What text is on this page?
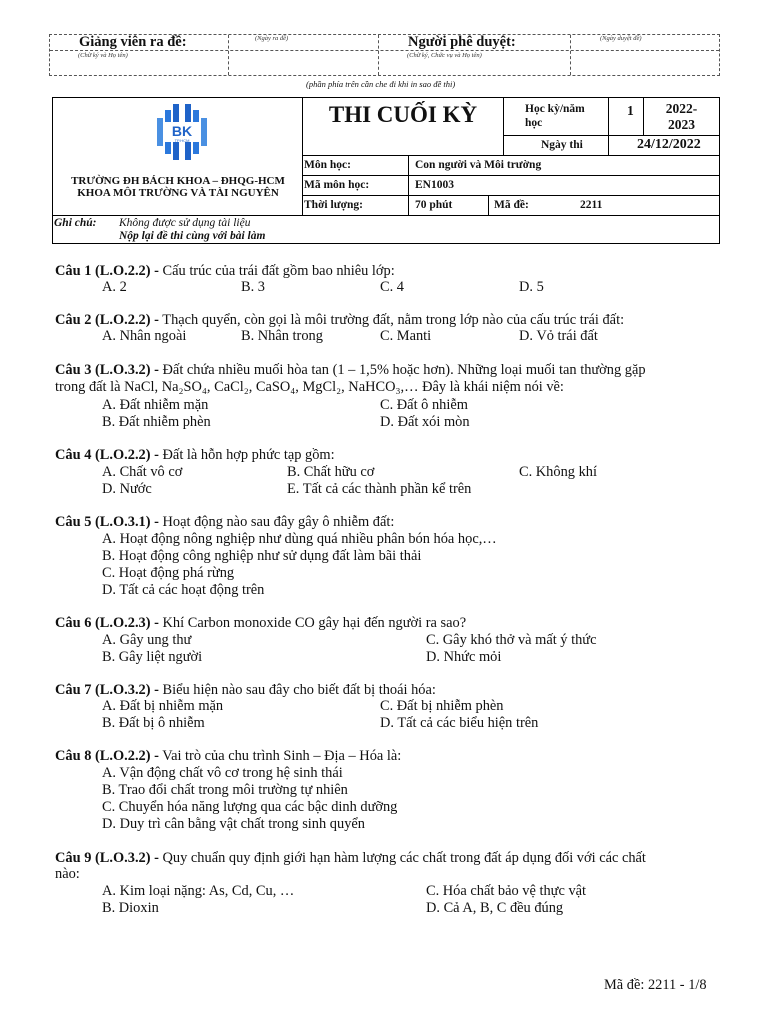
Giảng viên ra đề:	(Ngày ra đề)
(Chữ ký và Họ tên)
Người phê duyệt:	(Ngày duyệt đề)
(Chữ ký, Chức vụ và Họ tên)
(phần phía trên cần che đi khi in sao đề thi)
BK
TP.HCM
TRƯỜNG ĐH BÁCH KHOA – ĐHQG-HCM
KHOA MÔI TRƯỜNG VÀ TÀI NGUYÊN
THI CUỐI KỲ	Học kỳ/năm
học
1	2022-
2023
Ngày thi	24/12/2022
Môn học:	Con người và Môi trường
Mã môn học:	EN1003
Thời lượng:	70 phút	Mã đề:	2211
Ghi chú: Không được sử dụng tài liệu
Nộp lại đề thi cùng với bài làm
Câu 1 (L.O.2.2) - Cấu trúc của trái đất gồm bao nhiêu lớp:
A. 2	B. 3	C. 4	D. 5
Câu 2 (L.O.2.2) - Thạch quyển, còn gọi là môi trường đất, nằm trong lớp nào của cấu trúc trái đất:
A. Nhân ngoài	B. Nhân trong	C. Manti	D. Vỏ trái đất
Câu 3 (L.O.3.2) - Đất chứa nhiều muối hòa tan (1 – 1,5% hoặc hơn). Những loại muối tan thường gặp
trong đất là NaCl, Na₂SO₄, CaCl₂, CaSO₄, MgCl₂, NaHCO₃,… Đây là khái niệm nói về:
A. Đất nhiễm mặn	C. Đất ô nhiễm
B. Đất nhiễm phèn	D. Đất xói mòn
Câu 4 (L.O.2.2) - Đất là hỗn hợp phức tạp gồm:
A. Chất vô cơ	B. Chất hữu cơ	C. Không khí
D. Nước	E. Tất cả các thành phần kể trên
Câu 5 (L.O.3.1) - Hoạt động nào sau đây gây ô nhiễm đất:
A. Hoạt động nông nghiệp như dùng quá nhiều phân bón hóa học,…
B. Hoạt động công nghiệp như sử dụng đất làm bãi thải
C. Hoạt động phá rừng
D. Tất cả các hoạt động trên
Câu 6 (L.O.2.3) - Khí Carbon monoxide CO gây hại đến người ra sao?
A. Gây ung thư	C. Gây khó thở và mất ý thức
B. Gây liệt người	D. Nhức mỏi
Câu 7 (L.O.3.2) - Biểu hiện nào sau đây cho biết đất bị thoái hóa:
A. Đất bị nhiễm mặn	C. Đất bị nhiễm phèn
B. Đất bị ô nhiễm	D. Tất cả các biểu hiện trên
Câu 8 (L.O.2.2) - Vai trò của chu trình Sinh – Địa – Hóa là:
A. Vận động chất vô cơ trong hệ sinh thái
B. Trao đổi chất trong môi trường tự nhiên
C. Chuyển hóa năng lượng qua các bậc dinh dưỡng
D. Duy trì cân bằng vật chất trong sinh quyển
Câu 9 (L.O.3.2) - Quy chuẩn quy định giới hạn hàm lượng các chất trong đất áp dụng đối với các chất
nào:
A. Kim loại nặng: As, Cd, Cu, …	C. Hóa chất bảo vệ thực vật
B. Dioxin	D. Cả A, B, C đều đúng
Mã đề: 2211 - 1/8
